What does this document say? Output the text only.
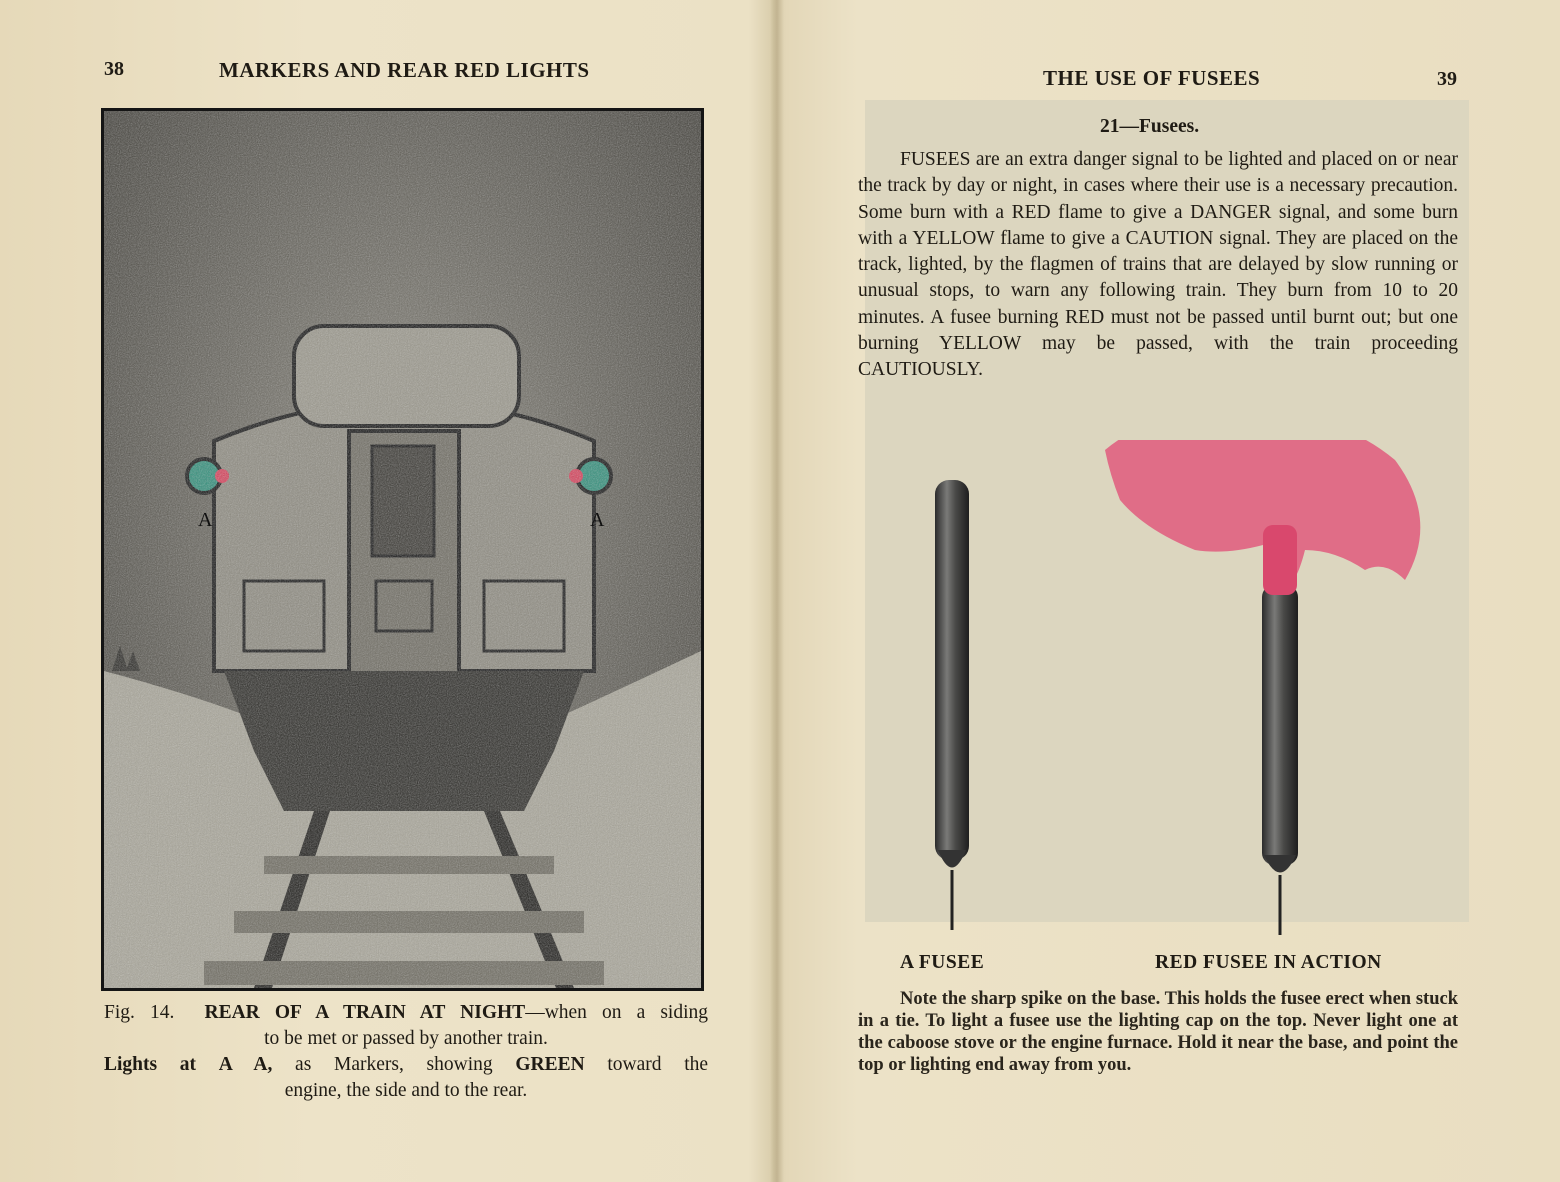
38	MARKERS AND REAR RED LIGHTS
A	A
Fig. 14. REAR OF A TRAIN AT NIGHT—when on a siding
to be met or passed by another train.
Lights at A A, as Markers, showing GREEN toward the
engine, the side and to the rear.
THE USE OF FUSEES	39
21—Fusees.

FUSEES are an extra danger signal to be lighted and placed on or near the track by day or night, in cases where their use is a necessary precaution. Some burn with a RED flame to give a DANGER signal, and some burn with a YELLOW flame to give a CAUTION signal. They are placed on the track, lighted, by the flagmen of trains that are delayed by slow running or unusual stops, to warn any following train. They burn from 10 to 20 minutes. A fusee burning RED must not be passed until burnt out; but one burning YELLOW may be passed, with the train proceeding CAUTIOUSLY.

A FUSEE	RED FUSEE IN ACTION

Note the sharp spike on the base. This holds the fusee erect when stuck in a tie. To light a fusee use the lighting cap on the top. Never light one at the caboose stove or the engine furnace. Hold it near the base, and point the top or lighting end away from you.
